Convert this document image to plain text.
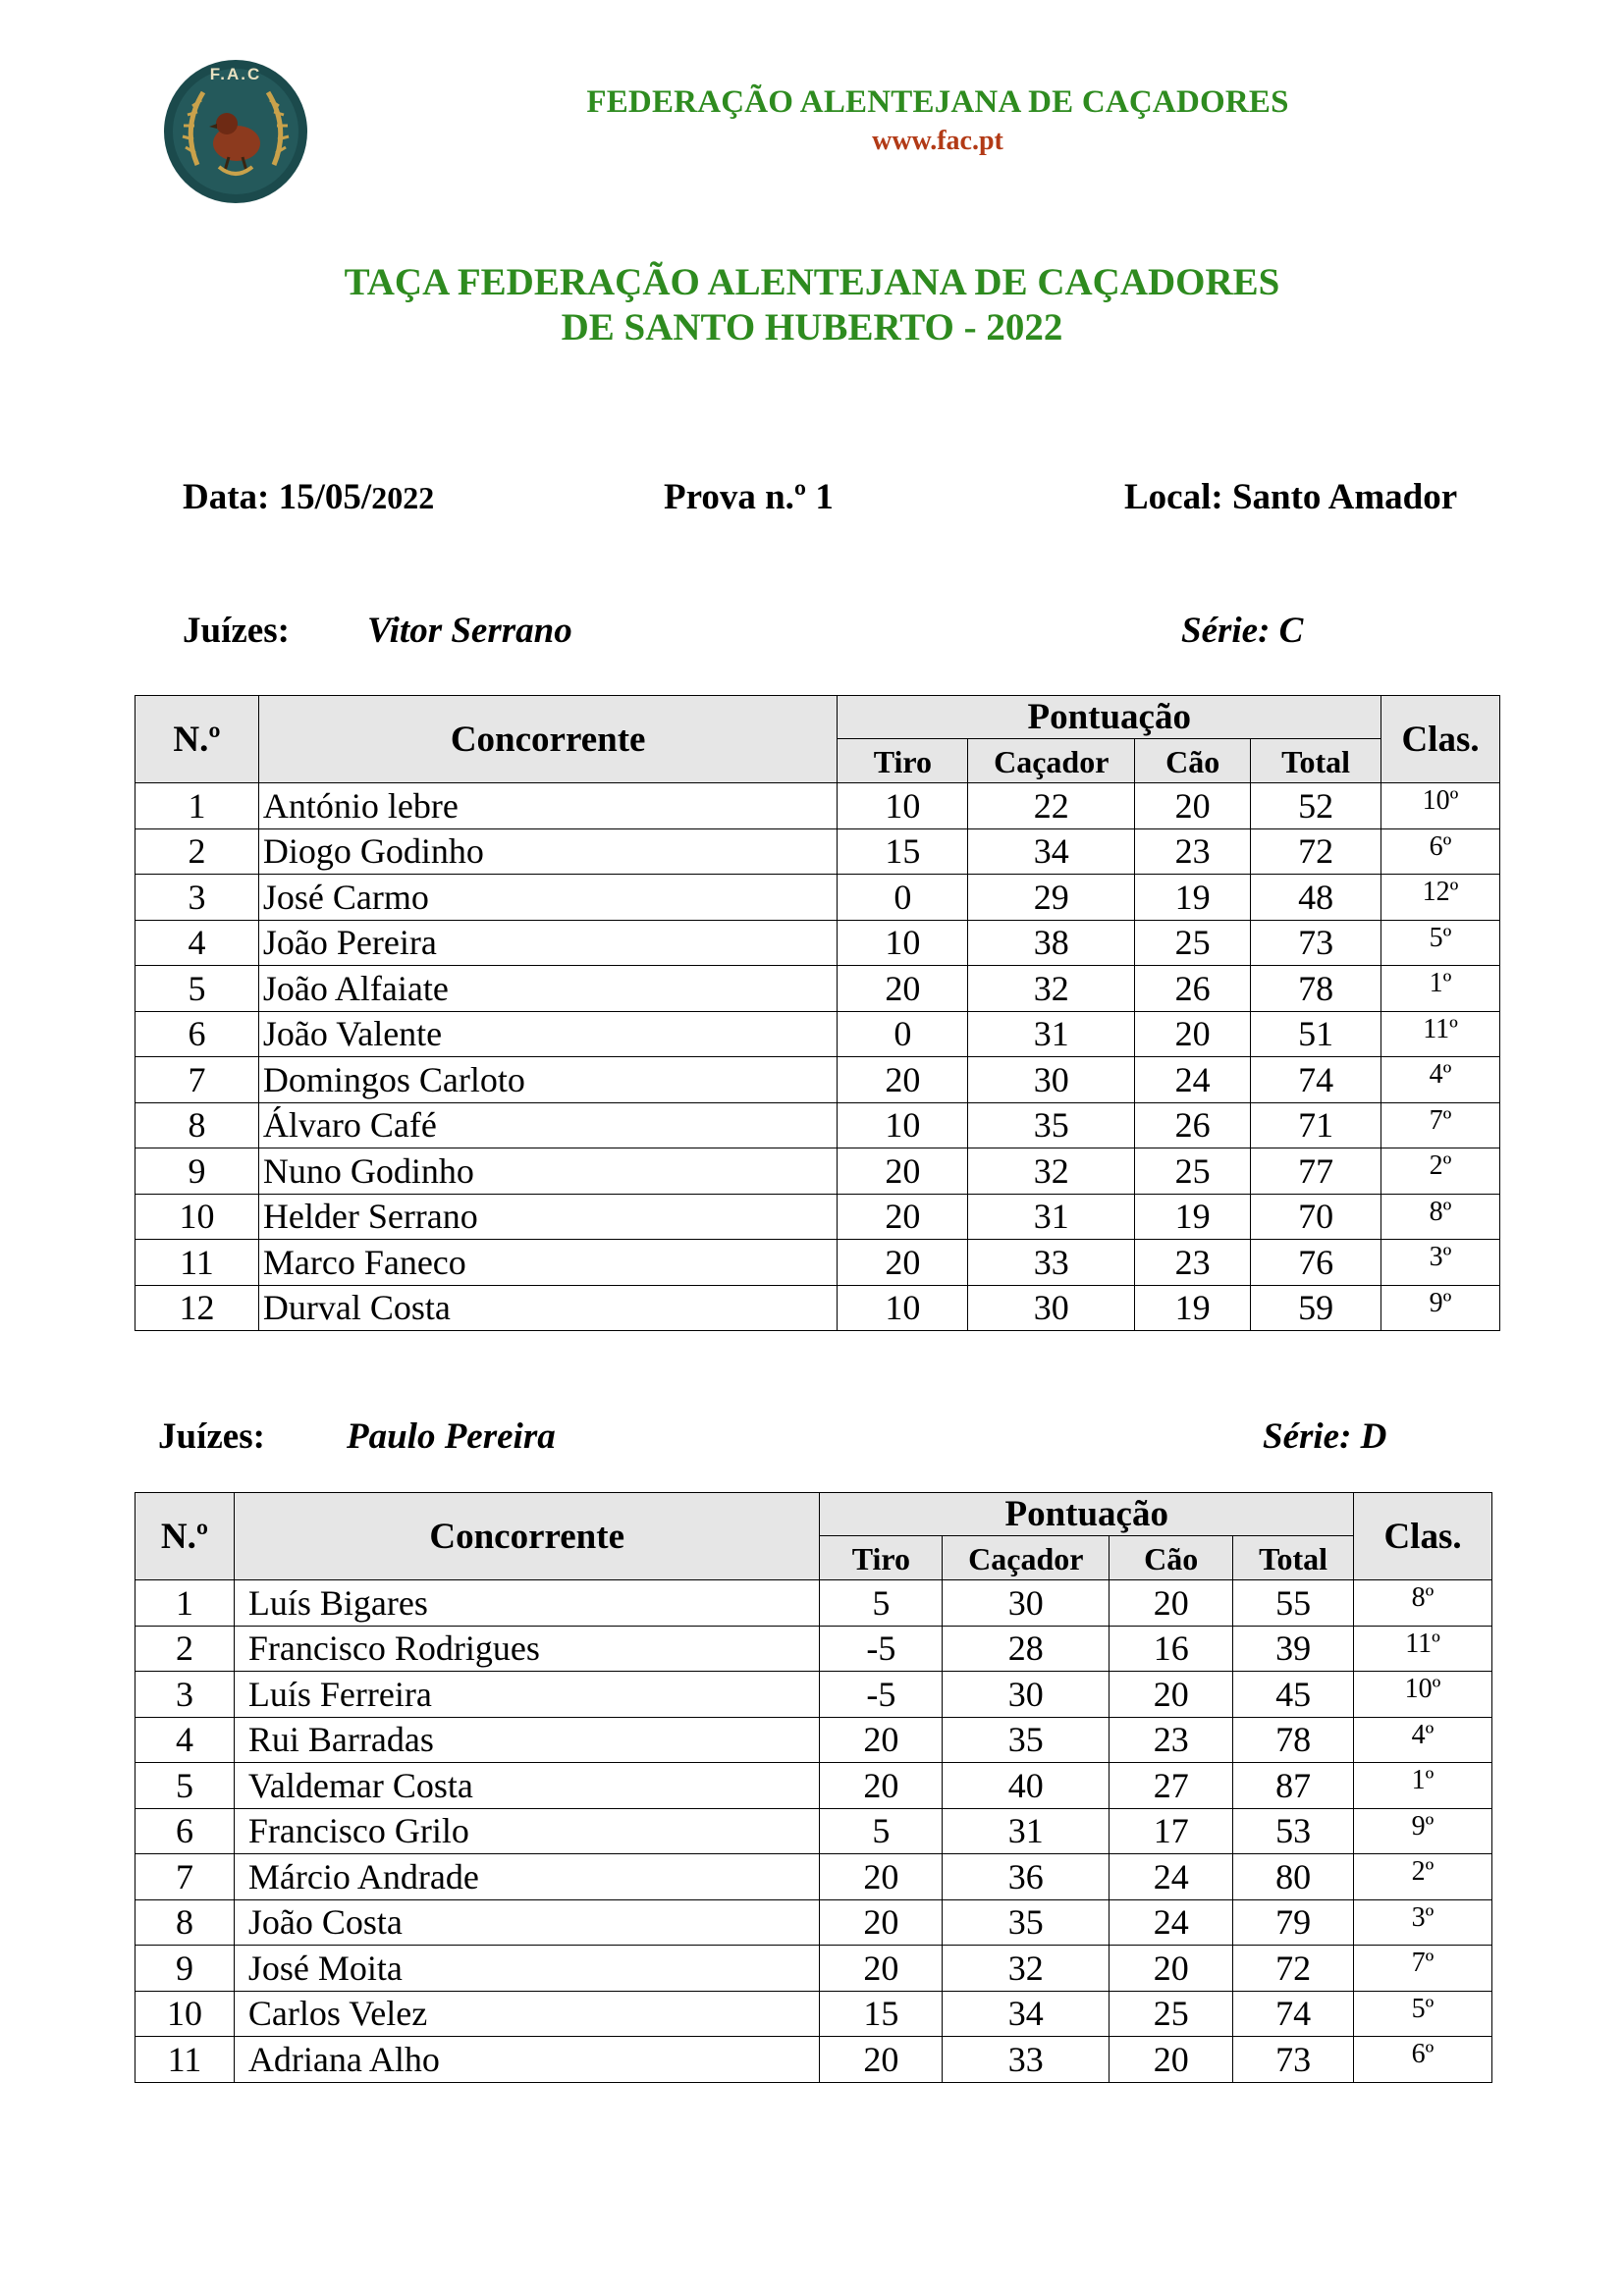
F.A.C
FEDERAÇÃO ALENTEJANA DE CAÇADORES
www.fac.pt
TAÇA FEDERAÇÃO ALENTEJANA DE CAÇADORES
DE SANTO HUBERTO - 2022
Data: 15/05/2022	Prova n.º 1	Local: Santo Amador
Juízes: Vitor Serrano	Série: C
N.º	Concorrente	Pontuação				Clas.
		Tiro	Caçador	Cão	Total	
1	António lebre	10	22	20	52	10º
2	Diogo Godinho	15	34	23	72	6º
3	José Carmo	0	29	19	48	12º
4	João Pereira	10	38	25	73	5º
5	João Alfaiate	20	32	26	78	1º
6	João Valente	0	31	20	51	11º
7	Domingos Carloto	20	30	24	74	4º
8	Álvaro Café	10	35	26	71	7º
9	Nuno Godinho	20	32	25	77	2º
10	Helder Serrano	20	31	19	70	8º
11	Marco Faneco	20	33	23	76	3º
12	Durval Costa	10	30	19	59	9º
Juízes: Paulo Pereira	Série: D
N.º	Concorrente	Pontuação				Clas.
		Tiro	Caçador	Cão	Total	
1	Luís Bigares	5	30	20	55	8º
2	Francisco Rodrigues	-5	28	16	39	11º
3	Luís Ferreira	-5	30	20	45	10º
4	Rui Barradas	20	35	23	78	4º
5	Valdemar Costa	20	40	27	87	1º
6	Francisco Grilo	5	31	17	53	9º
7	Márcio Andrade	20	36	24	80	2º
8	João Costa	20	35	24	79	3º
9	José Moita	20	32	20	72	7º
10	Carlos Velez	15	34	25	74	5º
11	Adriana Alho	20	33	20	73	6º
